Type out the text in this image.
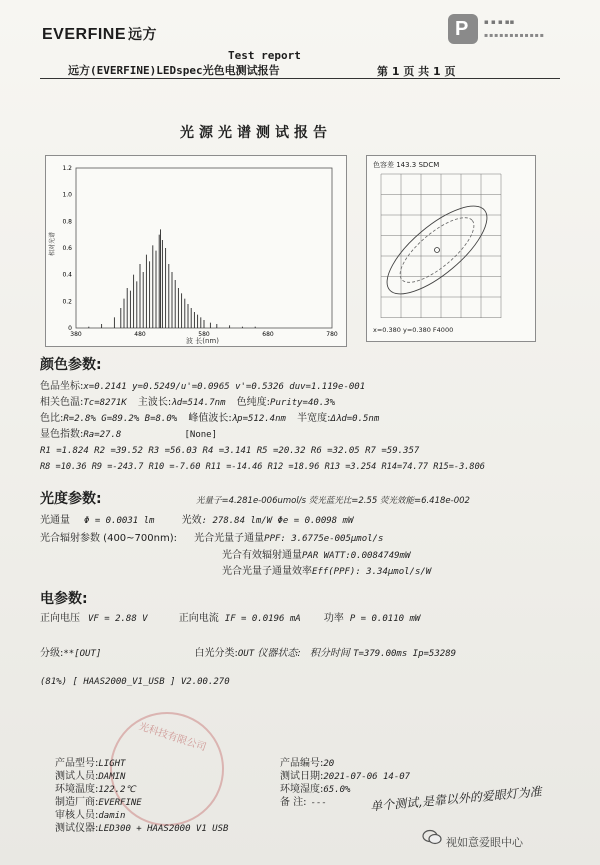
EVERFINE 远方	P ▪ ▪ ▪ ▪▪
▪▪▪▪▪▪▪▪▪▪▪▪
Test report
远方(EVERFINE)LEDspec光色电测试报告	第 1 页 共 1 页
光源光谱测试报告
1.2
1.0
0.8
0.6
0.4
0.2
0
380	480	580	680	780
相对光谱
波 长(nm)
色容差 143.3 SDCM
x=0.380 y=0.380 F4000
颜色参数:
色品坐标:x=0.2141 y=0.5249/u'=0.0965 v'=0.5326 duv=1.119e-001
相关色温:Tc=8271K 主波长:λd=514.7nm 色纯度:Purity=40.3%
色比:R=2.8% G=89.2% B=8.0% 峰值波长:λp=512.4nm 半宽度:Δλd=0.5nm
显色指数:Ra=27.8	[None]
R1 =1.824 R2 =39.52 R3 =56.03 R4 =3.141 R5 =20.32 R6 =32.05 R7 =59.357
R8 =10.36 R9 =-243.7 R10 =-7.60 R11 =-14.46 R12 =18.96 R13 =3.254 R14=74.77 R15=-3.806
光度参数:	光量子=4.281e-006umol/s 荧光蓝光比=2.55 荧光效能=6.418e-002
光通量 Φ = 0.0031 lm	光效: 278.84 lm/W Φe = 0.0098 mW
光合辐射参数 (400~700nm): 光合光量子通量PPF: 3.6775e-005μmol/s
光合有效辐射通量PAR WATT:0.0084749mW
光合光量子通量效率Eff(PPF): 3.34μmol/s/W
电参数:
正向电压 VF = 2.88 V	正向电流 IF = 0.0196 mA 功率 P = 0.0110 mW
分级:**[OUT]	白光分类:OUT 仪器状态: 积分时间 T=379.00ms Ip=53289
(81%) [ HAAS2000_V1_USB ] V2.00.270
光科技有限公司
产品型号:LIGHT
测试人员:DAMIN
环境温度:122.2℃
制造厂商:EVERFINE
审核人员:damin
测试仪器:LED300 + HAAS2000 V1 USB
产品编号:20
测试日期:2021-07-06 14-07
环境湿度:65.0%
备 注: ---	单个测试,是靠以外的爱眼灯为准
视如意爱眼中心
